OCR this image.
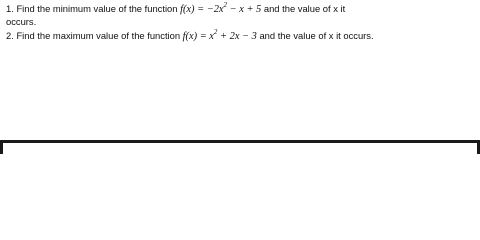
1. Find the minimum value of the function $f(x) = -2x^2 - x + 5$ and the value of x it
occurs.
2. Find the maximum value of the function $f(x) = x^2 + 2x - 3$ and the value of x it occurs.
